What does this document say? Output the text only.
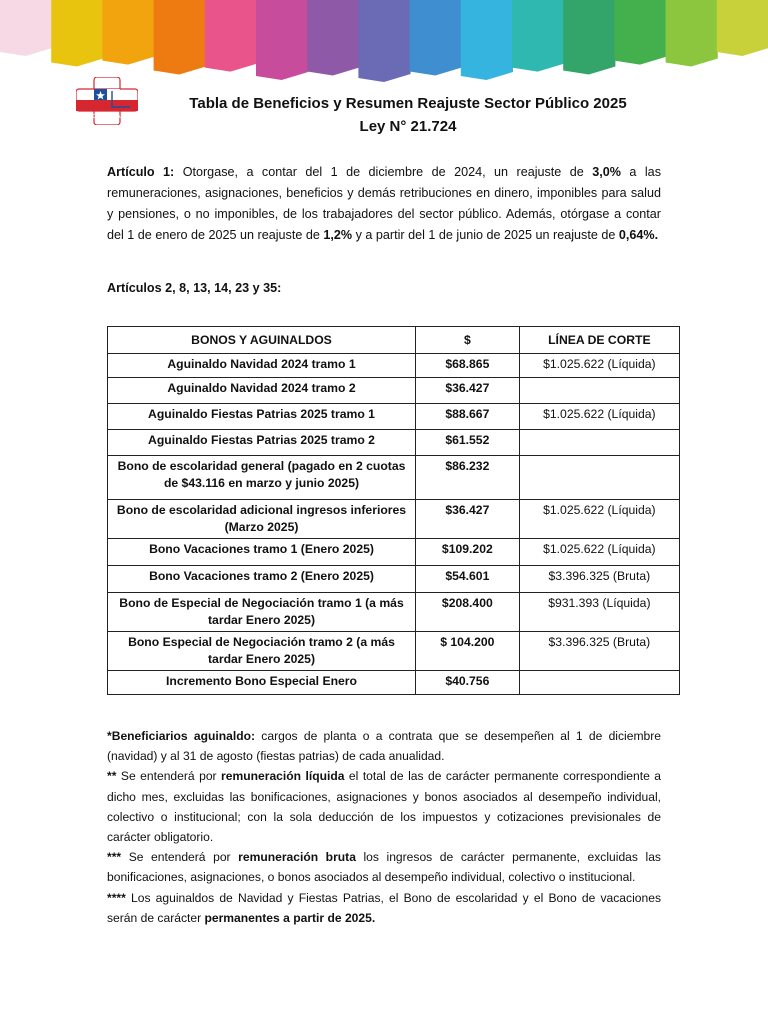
CONFUSAM
Tabla de Beneficios y Resumen Reajuste Sector Público 2025
Ley N° 21.724

Artículo 1: Otorgase, a contar del 1 de diciembre de 2024, un reajuste de 3,0% a las remuneraciones, asignaciones, beneficios y demás retribuciones en dinero, imponibles para salud y pensiones, o no imponibles, de los trabajadores del sector público. Además, otórgase a contar del 1 de enero de 2025 un reajuste de 1,2% y a partir del 1 de junio de 2025 un reajuste de 0,64%.

Artículos 2, 8, 13, 14, 23 y 35:

BONOS Y AGUINALDOS	$	LÍNEA DE CORTE
Aguinaldo Navidad 2024 tramo 1	$68.865	$1.025.622 (Líquida)
Aguinaldo Navidad 2024 tramo 2	$36.427	
Aguinaldo Fiestas Patrias 2025 tramo 1	$88.667	$1.025.622 (Líquida)
Aguinaldo Fiestas Patrias 2025 tramo 2	$61.552	
Bono de escolaridad general (pagado en 2 cuotas de $43.116 en marzo y junio 2025)	$86.232	
Bono de escolaridad adicional ingresos inferiores (Marzo 2025)	$36.427	$1.025.622 (Líquida)
Bono Vacaciones tramo 1 (Enero 2025)	$109.202	$1.025.622 (Líquida)
Bono Vacaciones tramo 2 (Enero 2025)	$54.601	$3.396.325 (Bruta)
Bono de Especial de Negociación tramo 1 (a más tardar Enero 2025)	$208.400	$931.393 (Líquida)
Bono Especial de Negociación tramo 2 (a más tardar Enero 2025)	$ 104.200	$3.396.325 (Bruta)
Incremento Bono Especial Enero	$40.756	

*Beneficiarios aguinaldo: cargos de planta o a contrata que se desempeñen al 1 de diciembre (navidad) y al 31 de agosto (fiestas patrias) de cada anualidad.

** Se entenderá por remuneración líquida el total de las de carácter permanente correspondiente a dicho mes, excluidas las bonificaciones, asignaciones y bonos asociados al desempeño individual, colectivo o institucional; con la sola deducción de los impuestos y cotizaciones previsionales de carácter obligatorio.

*** Se entenderá por remuneración bruta los ingresos de carácter permanente, excluidas las bonificaciones, asignaciones, o bonos asociados al desempeño individual, colectivo o institucional.

**** Los aguinaldos de Navidad y Fiestas Patrias, el Bono de escolaridad y el Bono de vacaciones serán de carácter permanentes a partir de 2025.
